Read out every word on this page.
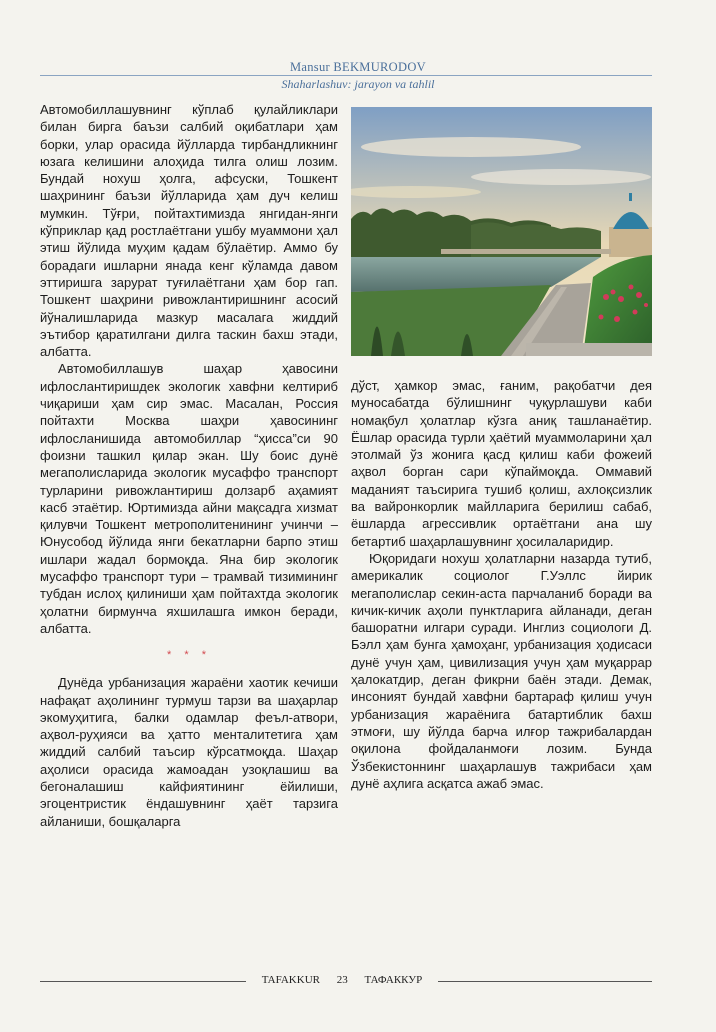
Mansur BEKMURODOV
Shaharlashuv: jarayon va tahlil

Автомобиллашувнинг кўплаб қулайликлари билан бирга баъзи салбий оқибатлари ҳам борки, улар орасида йўлларда тирбандликнинг юзага келишини алоҳида тилга олиш лозим. Бундай нохуш ҳолга, афсуски, Тошкент шаҳрининг баъзи йўлларида ҳам дуч келиш мумкин. Тўғри, пойтахтимизда янгидан-янги кўприклар қад ростлаётгани ушбу муаммони ҳал этиш йўлида муҳим қадам бўлаётир. Аммо бу борадаги ишларни янада кенг кўламда давом эттиришга зарурат туғилаётгани ҳам бор гап. Тошкент шаҳрини ривожлантиришнинг асосий йўналишларида мазкур масалага жиддий эътибор қаратилгани дилга таскин бахш этади, албатта.

Автомобиллашув шаҳар ҳавосини ифлослантиришдек экологик хавфни келтириб чиқариши ҳам сир эмас. Масалан, Россия пойтахти Москва шаҳри ҳавосининг ифлосланишида автомобиллар “ҳисса”си 90 фоизни ташкил қилар экан. Шу боис дунё мегаполисларида экологик мусаффо транспорт турларини ривожлантириш долзарб аҳамият касб этаётир. Юртимизда айни мақсадга хизмат қилувчи Тошкент метрополитенининг учинчи – Юнусобод йўлида янги бекатларни барпо этиш ишлари жадал бормоқда. Яна бир экологик мусаффо транспорт тури – трамвай тизимининг тубдан ислоҳ қилиниши ҳам пойтахтда экологик ҳолатни бирмунча яхшилашга имкон беради, албатта.

* * *

Дунёда урбанизация жараёни хаотик кечиши нафақат аҳолининг турмуш тарзи ва шаҳарлар экомуҳитига, балки одамлар феъл-атвори, аҳвол-руҳияси ва ҳатто менталитетига ҳам жиддий салбий таъсир кўрсатмоқда. Шаҳар аҳолиси орасида жамоадан узоқлашиш ва бегоналашиш кайфиятининг ёйилиши, эгоцентристик ёндашувнинг ҳаёт тарзига айланиши, бошқаларга

дўст, ҳамкор эмас, ғаним, рақобатчи дея муносабатда бўлишнинг чуқурлашуви каби номақбул ҳолатлар кўзга аниқ ташланаётир. Ёшлар орасида турли ҳаётий муаммоларини ҳал этолмай ўз жонига қасд қилиш каби фожеий аҳвол борган сари кўпаймоқда. Оммавий маданият таъсирига тушиб қолиш, ахлоқсизлик ва вайронкорлик майлларига берилиш сабаб, ёшларда агрессивлик ортаётгани ана шу бетартиб шаҳарлашувнинг ҳосилаларидир.

Юқоридаги нохуш ҳолатларни назарда тутиб, америкалик социолог Г.Уэллс йирик мегаполислар секин-аста парчаланиб боради ва кичик-кичик аҳоли пунктларига айланади, деган башоратни илгари суради. Инглиз социологи Д. Бэлл ҳам бунга ҳамоҳанг, урбанизация ҳодисаси дунё учун ҳам, цивилизация учун ҳам муқаррар ҳалокатдир, деган фикрни баён этади. Демак, инсоният бундай хавфни бартараф қилиш учун урбанизация жараёнига батартиблик бахш этмоғи, шу йўлда барча илғор тажрибалардан оқилона фойдаланмоғи лозим. Бунда Ўзбекистоннинг шаҳарлашув тажрибаси ҳам дунё аҳлига асқатса ажаб эмас.

TAFAKKUR 23 ТАФАККУР
